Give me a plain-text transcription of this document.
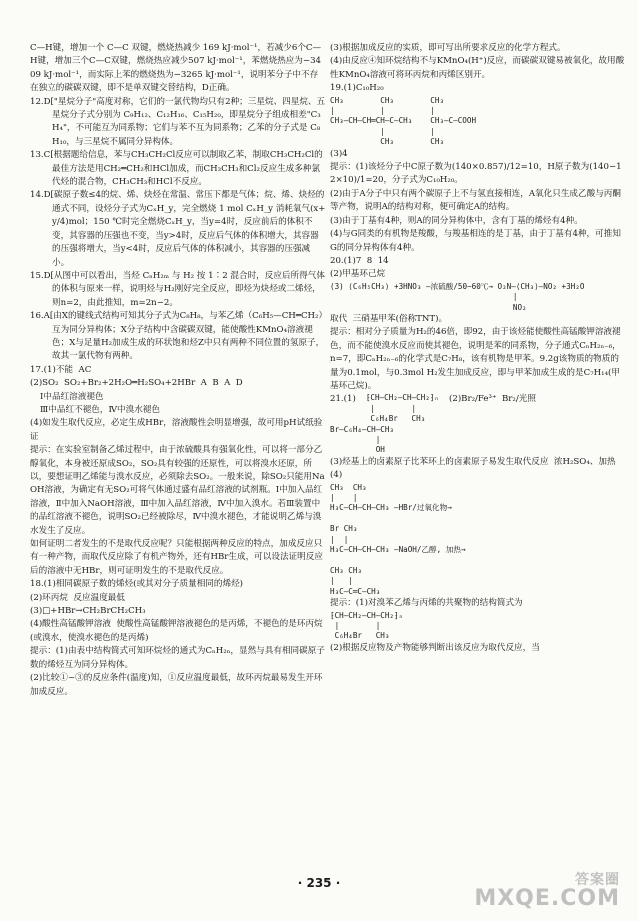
C—H键，增加一个 C—C 双键，燃烧热减少 169 kJ·mol⁻¹，若减少6个C—H键，增加三个C—C双键，燃烧热应减少507 kJ·mol⁻¹，苯燃烧热应为−3409 kJ·mol⁻¹，而实际上苯的燃烧热为−3265 kJ·mol⁻¹，说明苯分子中不存在独立的碳碳双键，即不是单双键交替结构，D正确。

12.D["星烷分子"高度对称，它们的一氯代物均只有2种；三星烷、四星烷、五星烷分子式分别为 C₉H₁₂、C₁₂H₁₆、C₁₅H₂₀，即星烷分子组成相差"C₃H₄"，不可能互为同系物；它们与苯不互为同系物；乙苯的分子式是 C₈H₁₀，与三星烷不属同分异构体。

13.C[根据题给信息，苯与CH₃CH₂Cl反应可以制取乙苯，制取CH₃CH₂Cl的最佳方法是用CH₂═CH₂和HCl加成，而CH₃CH₃和Cl₂反应生成多种氯代烃的混合物，CH₃CH₃和HCl不反应。

14.D[碳原子数≤4的烷、烯、炔烃在常温、常压下都是气体；烷、烯、炔烃的通式不同，设烃分子式为CₓH_y，完全燃烧 1 mol CₓH_y 消耗氧气(x+y/4)mol；150 ℃时完全燃烧CₓH_y，当y=4时，反应前后的体积不变，其容器的压强也不变，当y>4时，反应后气体的体积增大，其容器的压强将增大，当y<4时，反应后气体的体积减小，其容器的压强减小。

15.D[从图中可以看出，当烃 CₙH₂ₘ 与 H₂ 按 1∶2 混合时，反应后所得气体的体积与原来一样，说明烃与H₂刚好完全反应，即烃为炔烃或二烯烃，则n=2，由此推知，m=2n−2。

16.A[由X的键线式结构可知其分子式为C₈H₈，与苯乙烯（C₆H₅—CH═CH₂）互为同分异构体；X分子结构中含碳碳双键，能使酸性KMnO₄溶液褪色；X与足量H₂加成生成的环状饱和烃Z中只有两种不同位置的氢原子，故其一氯代物有两种。

17.(1)不能  AC

(2)SO₂  SO₂+Br₂+2H₂O═H₂SO₄+2HBr  A  B  A  D

Ⅰ中品红溶液褪色

Ⅲ中品红不褪色，Ⅳ中溴水褪色

(4)如发生取代反应，必定生成HBr，溶液酸性会明显增强，故可用pH试纸验证

提示：在实验室制备乙烯过程中，由于浓硫酸具有强氧化性，可以将一部分乙醇氧化，本身被还原成SO₂，SO₂具有较强的还原性，可以将溴水还原，所以，要想证明乙烯能与溴水反应，必须除去SO₂。一般来说，除SO₂只能用NaOH溶液，为确定有无SO₂可将气体通过盛有品红溶液的试剂瓶。Ⅰ中加入品红溶液，Ⅱ中加入NaOH溶液，Ⅲ中加入品红溶液，Ⅳ中加入溴水。若Ⅲ装置中的品红溶液不褪色，说明SO₂已经被除尽，Ⅳ中溴水褪色，才能说明乙烯与溴水发生了反应。

如何证明二者发生的不是取代反应呢？只能根据两种反应的特点，加成反应只有一种产物，而取代反应除了有机产物外，还有HBr生成，可以设法证明反应后的溶液中无HBr，则可证明发生的不是取代反应。

18.(1)相同碳原子数的烯烃(或其对分子质量相同的烯烃)

(2)环丙烷  反应温度最低

(3)□+HBr→CH₂BrCH₂CH₃

(4)酸性高锰酸钾溶液  使酸性高锰酸钾溶液褪色的是丙烯，不褪色的是环丙烷(或溴水，使溴水褪色的是丙烯)

提示：(1)由表中结构简式可知环烷烃的通式为CₙH₂ₙ，显然与具有相同碳原子数的烯烃互为同分异构体。

(2)比较①~③的反应条件(温度)知，①反应温度最低，故环丙烷最易发生开环加成反应。

(3)根据加成反应的实质，即可写出所要求反应的化学方程式。

(4)由反应④知环烷结构不与KMnO₄(H⁺)反应，而碳碳双键易被氧化，故用酸性KMnO₄溶液可将环丙烷和丙烯区别开。

19.(1)C₁₀H₂₀

CH₃        CH₃
|          |
CH₃—CH—CH═CH—C—CH₃
|
CH₃
CH₃
|
CH₃—C—COOH
|
CH₃

(3)4

提示：(1)该烃分子中C原子数为(140×0.857)/12=10，H原子数为(140−12×10)/1=20，分子式为C₁₀H₂₀。

(2)由于A分子中只有两个碳原子上不与氢直接相连，A氧化只生成乙酸与丙酮等产物，说明A的结构对称，便可确定A的结构。

(3)由于丁基有4种，则A的同分异构体中，含有丁基的烯烃有4种。

(4)与G同类的有机物是羧酸，与羧基相连的是丁基，由于丁基有4种，可推知G的同分异构体有4种。

20.(1)7  8  14

(2)甲基环己烷

(3) ⟨C₆H₅CH₃⟩ +3HNO₃ —浓硫酸/50~60℃→ O₂N—⟨CH₃⟩—NO₂ +3H₂O
|
NO₂

取代  三硝基甲苯(俗称TNT)。

提示：相对分子质量为H₂的46倍，即92，由于该烃能使酸性高锰酸钾溶液褪色，而不能使溴水反应而使其褪色，说明是苯的同系物，分子通式CₙH₂ₙ₋₆，n=7，即CₙH₂ₙ₋₆的化学式是C₇H₈，该有机物是甲苯。9.2g该物质的物质的量为0.1mol，与0.3mol H₂发生加成反应，即与甲苯加成生成的是C₇H₁₄(甲基环己烷)。

21.(1) ⁅CH—CH₂—CH—CH₂⁆ₙ
|        |
C₆H₄Br   CH₃
(2)Br₂/Fe³⁺  Br₂/光照
Br—C₆H₄—CH—CH₃
|
OH

(3)烃基上的卤素原子比苯环上的卤素原子易发生取代反应  浓H₂SO₄、加热

(4)

CH₃  CH₃
|    |
H₃C—CH—CH—CH₃ —HBr/过氧化物→

Br CH₃
|  |
H₃C—CH—CH—CH₃ —NaOH/乙醇, 加热→

CH₃ CH₃
|   |
H₃C—C═C—CH₃

提示：(1)对溴苯乙烯与丙烯的共聚物的结构简式为

⁅CH—CH₂—CH—CH₂⁆ₙ
|        |
C₆H₄Br   CH₃

(2)根据反应物及产物能够判断出该反应为取代反应，当

· 235 ·	答案圈
MXQE.COM
